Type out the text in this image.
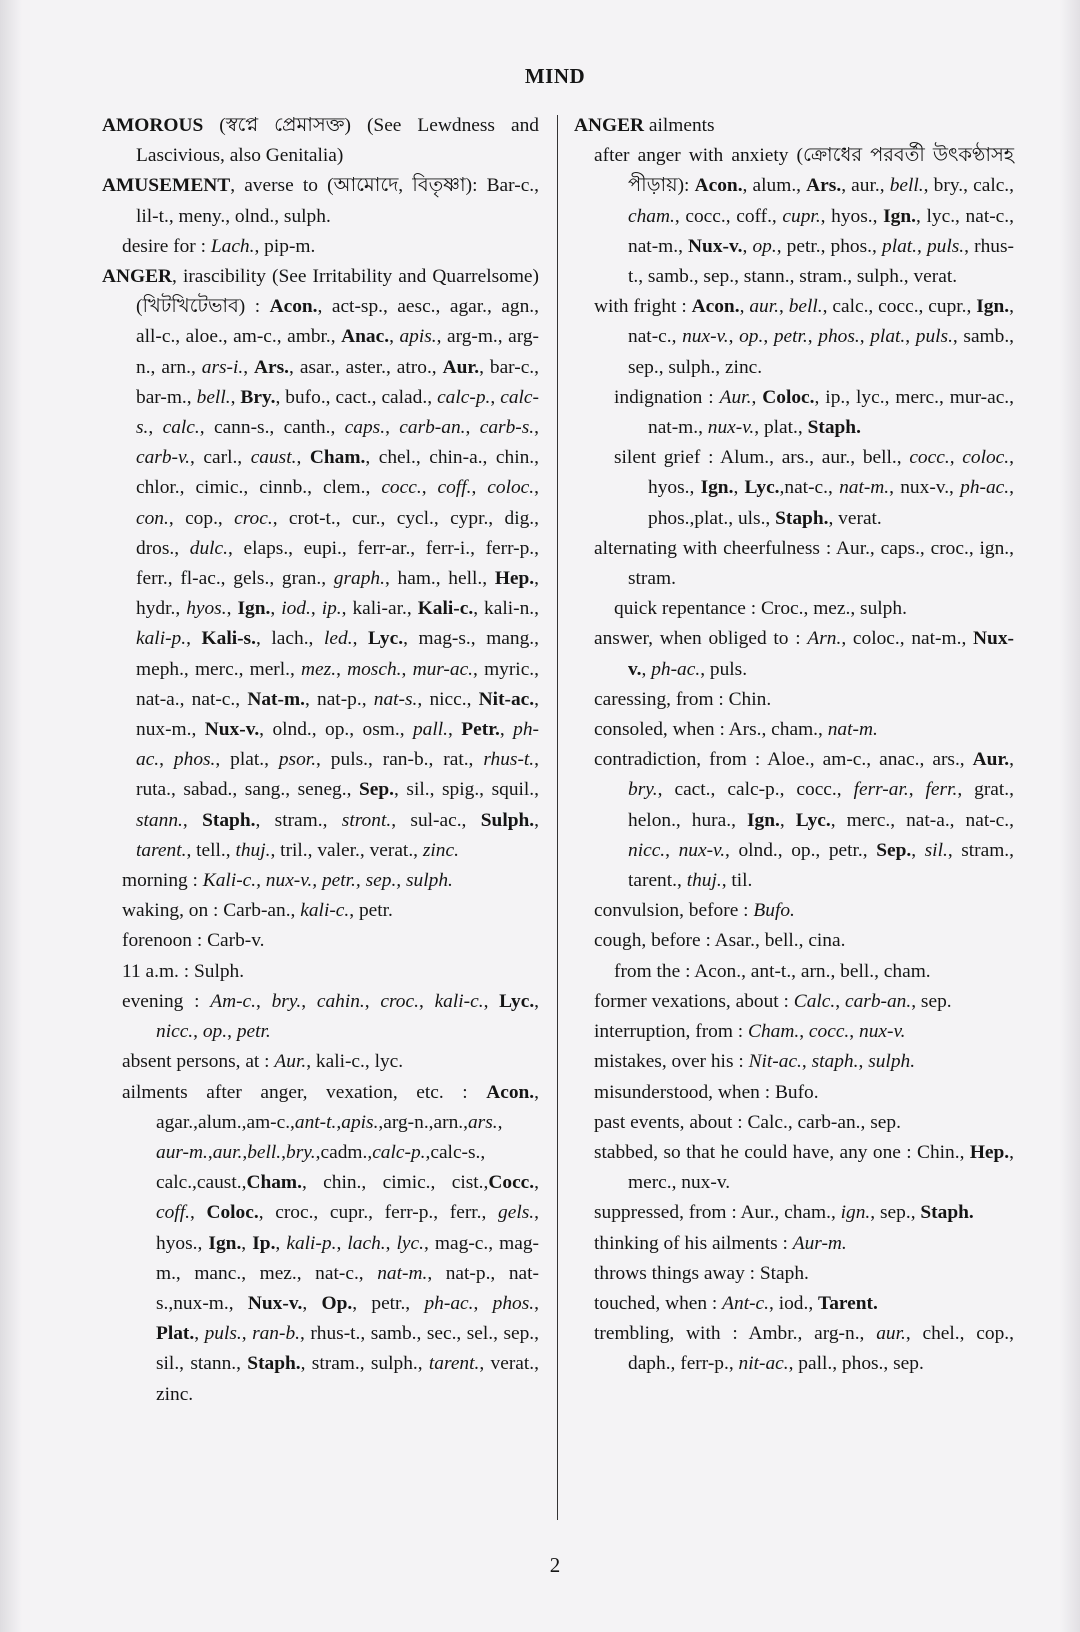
MIND

AMOROUS (স্বপ্নে প্রেমাসক্ত) (See Lewdness and Lascivious, also Genitalia)

AMUSEMENT, averse to (আমোদে, বিতৃষ্ণা): Bar-c., lil-t., meny., olnd., sulph.

desire for : Lach., pip-m.

ANGER, irascibility (See Irritability and Quarrelsome) (খিটখিটেভাব) : Acon., act-sp., aesc., agar., agn., all-c., aloe., am-c., ambr., Anac., apis., arg-m., arg-n., arn., ars-i., Ars., asar., aster., atro., Aur., bar-c., bar-m., bell., Bry., bufo., cact., calad., calc-p., calc-s., calc., cann-s., canth., caps., carb-an., carb-s., carb-v., carl., caust., Cham., chel., chin-a., chin., chlor., cimic., cinnb., clem., cocc., coff., coloc., con., cop., croc., crot-t., cur., cycl., cypr., dig., dros., dulc., elaps., eupi., ferr-ar., ferr-i., ferr-p., ferr., fl-ac., gels., gran., graph., ham., hell., Hep., hydr., hyos., Ign., iod., ip., kali-ar., Kali-c., kali-n., kali-p., Kali-s., lach., led., Lyc., mag-s., mang., meph., merc., merl., mez., mosch., mur-ac., myric., nat-a., nat-c., Nat-m., nat-p., nat-s., nicc., Nit-ac., nux-m., Nux-v., olnd., op., osm., pall., Petr., ph-ac., phos., plat., psor., puls., ran-b., rat., rhus-t., ruta., sabad., sang., seneg., Sep., sil., spig., squil., stann., Staph., stram., stront., sul-ac., Sulph., tarent., tell., thuj., tril., valer., verat., zinc.

morning : Kali-c., nux-v., petr., sep., sulph.

waking, on : Carb-an., kali-c., petr.

forenoon : Carb-v.

11 a.m. : Sulph.

evening : Am-c., bry., cahin., croc., kali-c., Lyc., nicc., op., petr.

absent persons, at : Aur., kali-c., lyc.

ailments after anger, vexation, etc. : Acon., agar.,alum.,am-c.,ant-t.,apis.,arg-n.,arn.,ars., aur-m.,aur.,bell.,bry.,cadm.,calc-p.,calc-s., calc.,caust.,Cham., chin., cimic., cist.,Cocc., coff., Coloc., croc., cupr., ferr-p., ferr., gels., hyos., Ign., Ip., kali-p., lach., lyc., mag-c., mag-m., manc., mez., nat-c., nat-m., nat-p., nat-s.,nux-m., Nux-v., Op., petr., ph-ac., phos., Plat., puls., ran-b., rhus-t., samb., sec., sel., sep., sil., stann., Staph., stram., sulph., tarent., verat., zinc.

ANGER ailments

after anger with anxiety (ক্রোধের পরবর্তী উৎকণ্ঠাসহ পীড়ায়): Acon., alum., Ars., aur., bell., bry., calc., cham., cocc., coff., cupr., hyos., Ign., lyc., nat-c., nat-m., Nux-v., op., petr., phos., plat., puls., rhus-t., samb., sep., stann., stram., sulph., verat.

with fright : Acon., aur., bell., calc., cocc., cupr., Ign., nat-c., nux-v., op., petr., phos., plat., puls., samb., sep., sulph., zinc.

indignation : Aur., Coloc., ip., lyc., merc., mur-ac., nat-m., nux-v., plat., Staph.

silent grief : Alum., ars., aur., bell., cocc., coloc., hyos., Ign., Lyc.,nat-c., nat-m., nux-v., ph-ac., phos.,plat., uls., Staph., verat.

alternating with cheerfulness : Aur., caps., croc., ign., stram.

quick repentance : Croc., mez., sulph.

answer, when obliged to : Arn., coloc., nat-m., Nux-v., ph-ac., puls.

caressing, from : Chin.

consoled, when : Ars., cham., nat-m.

contradiction, from : Aloe., am-c., anac., ars., Aur., bry., cact., calc-p., cocc., ferr-ar., ferr., grat., helon., hura., Ign., Lyc., merc., nat-a., nat-c., nicc., nux-v., olnd., op., petr., Sep., sil., stram., tarent., thuj., til.

convulsion, before : Bufo.

cough, before : Asar., bell., cina.

from the : Acon., ant-t., arn., bell., cham.

former vexations, about : Calc., carb-an., sep.

interruption, from : Cham., cocc., nux-v.

mistakes, over his : Nit-ac., staph., sulph.

misunderstood, when : Bufo.

past events, about : Calc., carb-an., sep.

stabbed, so that he could have, any one : Chin., Hep., merc., nux-v.

suppressed, from : Aur., cham., ign., sep., Staph.

thinking of his ailments : Aur-m.

throws things away : Staph.

touched, when : Ant-c., iod., Tarent.

trembling, with : Ambr., arg-n., aur., chel., cop., daph., ferr-p., nit-ac., pall., phos., sep.

2
